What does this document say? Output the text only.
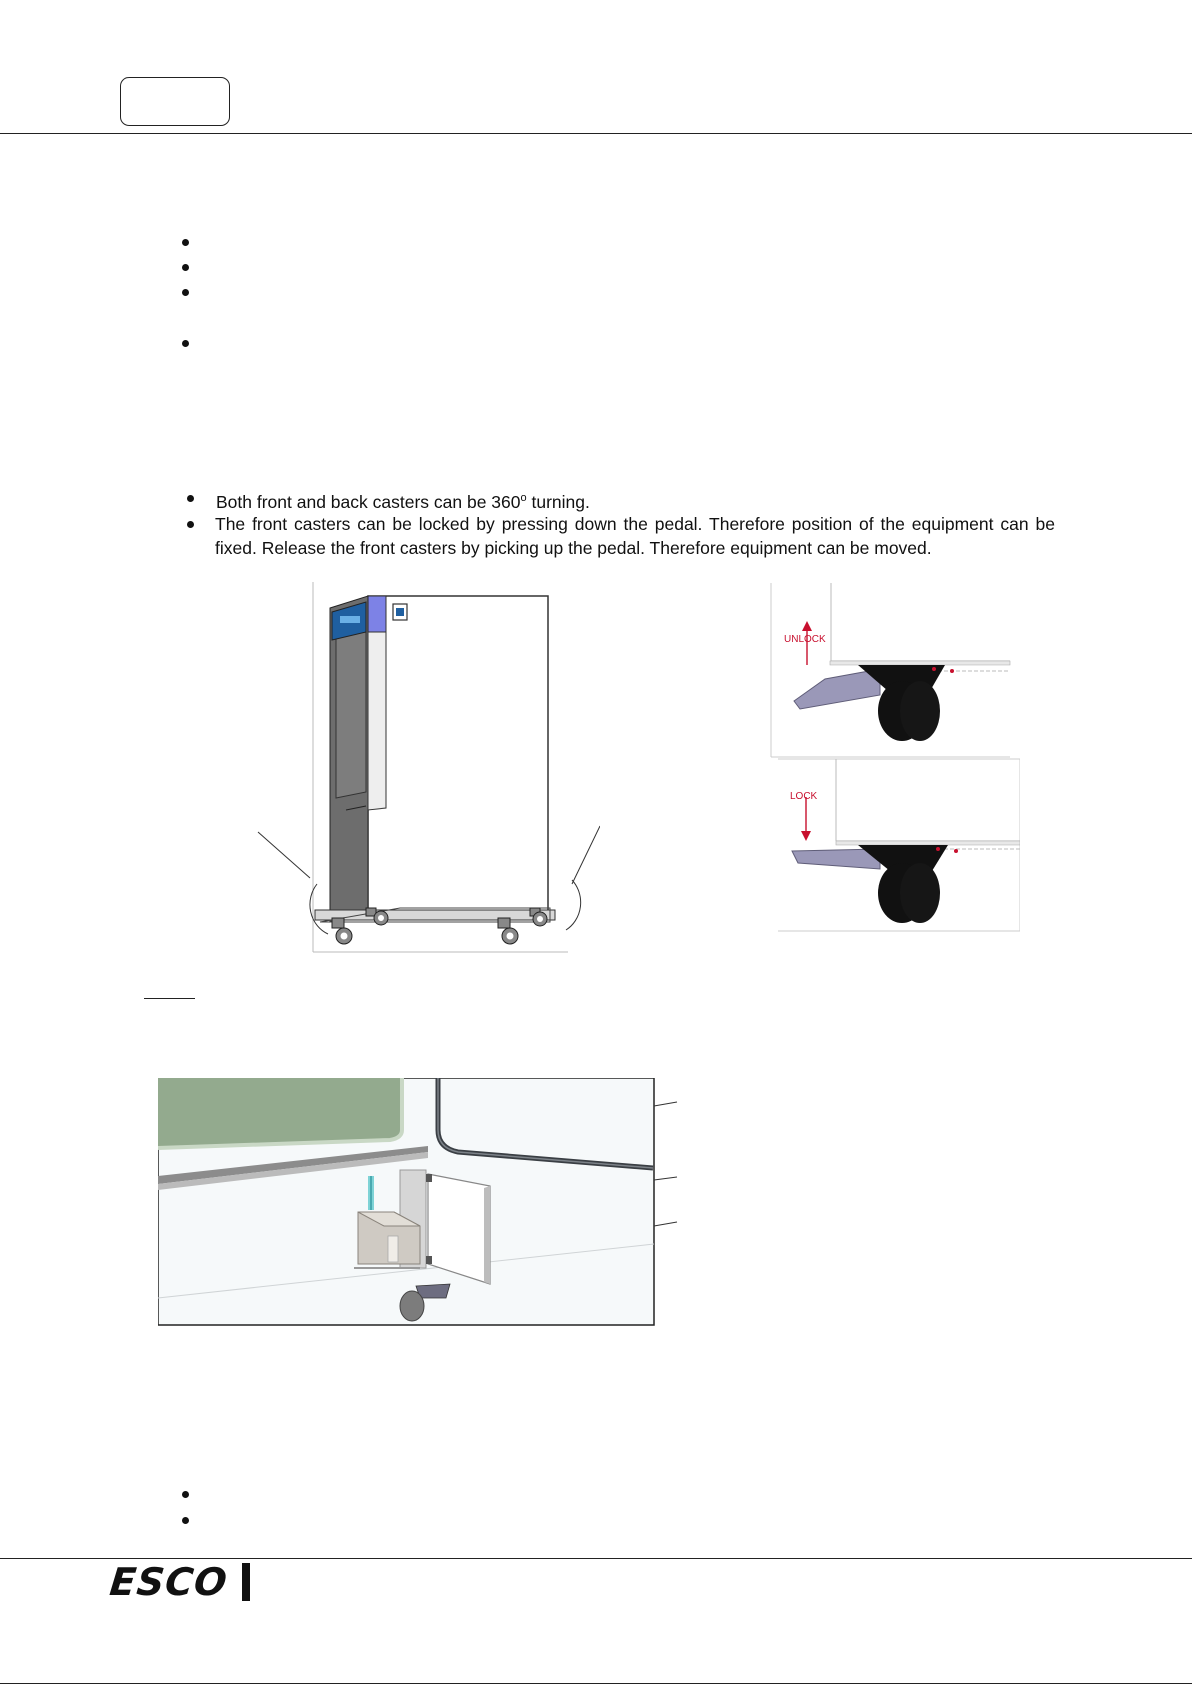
Both front and back casters can be 360$^o$ turning.
The front casters can be locked by pressing down the pedal. Therefore position of the equipment can be fixed. Release the front casters by picking up the pedal. Therefore equipment can be moved.
UNLOCK
LOCK
ESCO
